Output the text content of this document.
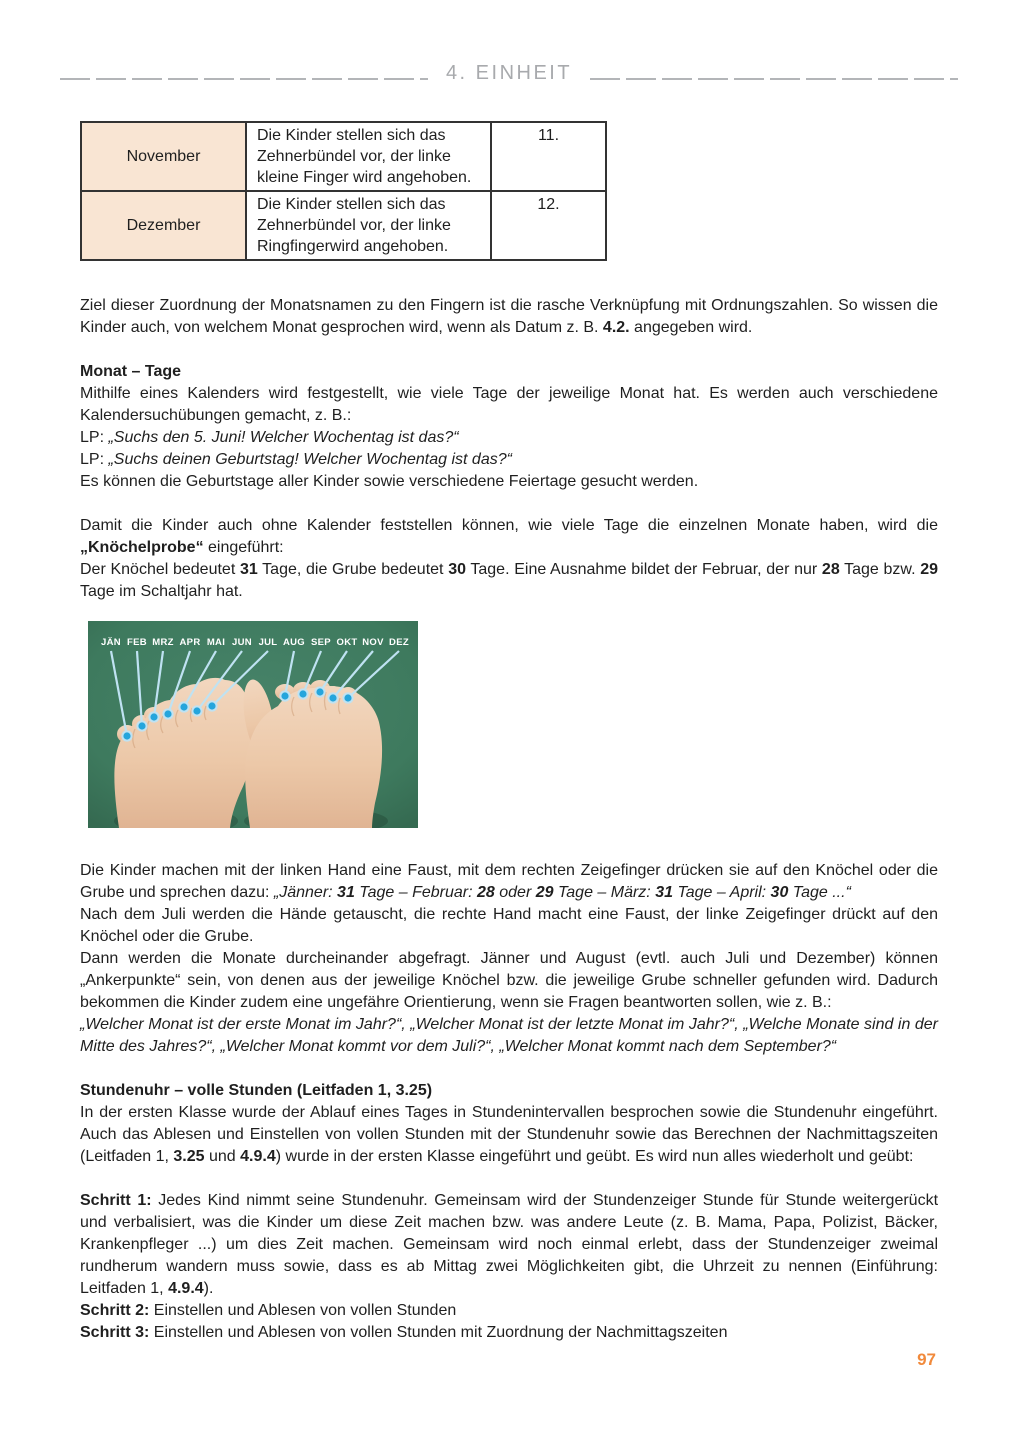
4. EINHEIT
November	Die Kinder stellen sich das Zehnerbündel vor, der linke kleine Finger wird angehoben.	11.
Dezember	Die Kinder stellen sich das Zehnerbündel vor, der linke Ringfingerwird angehoben.	12.

Ziel dieser Zuordnung der Monatsnamen zu den Fingern ist die rasche Verknüpfung mit Ordnungszahlen. So wissen die Kinder auch, von welchem Monat gesprochen wird, wenn als Datum z. B. 4.2. angegeben wird.

Monat – Tage

Mithilfe eines Kalenders wird festgestellt, wie viele Tage der jeweilige Monat hat. Es werden auch verschiedene Kalendersuchübungen gemacht, z. B.:

LP: „Suchs den 5. Juni! Welcher Wochentag ist das?“

LP: „Suchs deinen Geburtstag! Welcher Wochentag ist das?“

Es können die Geburtstage aller Kinder sowie verschiedene Feiertage gesucht werden.

Damit die Kinder auch ohne Kalender feststellen können, wie viele Tage die einzelnen Monate haben, wird die „Knöchelprobe“ eingeführt:

Der Knöchel bedeutet 31 Tage, die Grube bedeutet 30 Tage. Eine Ausnahme bildet der Februar, der nur 28 Tage bzw. 29 Tage im Schaltjahr hat.

JÄN FEB MRZ APR MAI JUN JUL AUG SEP OKT NOV DEZ

Die Kinder machen mit der linken Hand eine Faust, mit dem rechten Zeigefinger drücken sie auf den Knöchel oder die Grube und sprechen dazu: „Jänner: 31 Tage – Februar: 28 oder 29 Tage – März: 31 Tage – April: 30 Tage ...“

Nach dem Juli werden die Hände getauscht, die rechte Hand macht eine Faust, der linke Zeigefinger drückt auf den Knöchel oder die Grube.

Dann werden die Monate durcheinander abgefragt. Jänner und August (evtl. auch Juli und Dezember) können „Ankerpunkte“ sein, von denen aus der jeweilige Knöchel bzw. die jeweilige Grube schneller gefunden wird. Dadurch bekommen die Kinder zudem eine ungefähre Orientierung, wenn sie Fragen beantworten sollen, wie z. B.:

„Welcher Monat ist der erste Monat im Jahr?“, „Welcher Monat ist der letzte Monat im Jahr?“, „Welche Monate sind in der Mitte des Jahres?“, „Welcher Monat kommt vor dem Juli?“, „Welcher Monat kommt nach dem September?“

Stundenuhr – volle Stunden (Leitfaden 1, 3.25)

In der ersten Klasse wurde der Ablauf eines Tages in Stundenintervallen besprochen sowie die Stundenuhr eingeführt. Auch das Ablesen und Einstellen von vollen Stunden mit der Stundenuhr sowie das Berechnen der Nachmittagszeiten (Leitfaden 1, 3.25 und 4.9.4) wurde in der ersten Klasse eingeführt und geübt. Es wird nun alles wiederholt und geübt:

Schritt 1: Jedes Kind nimmt seine Stundenuhr. Gemeinsam wird der Stundenzeiger Stunde für Stunde weitergerückt und verbalisiert, was die Kinder um diese Zeit machen bzw. was andere Leute (z. B. Mama, Papa, Polizist, Bäcker, Krankenpfleger ...) um dies Zeit machen. Gemeinsam wird noch einmal erlebt, dass der Stundenzeiger zweimal rundherum wandern muss sowie, dass es ab Mittag zwei Möglichkeiten gibt, die Uhrzeit zu nennen (Einführung: Leitfaden 1, 4.9.4).

Schritt 2: Einstellen und Ablesen von vollen Stunden

Schritt 3: Einstellen und Ablesen von vollen Stunden mit Zuordnung der Nachmittagszeiten

97
